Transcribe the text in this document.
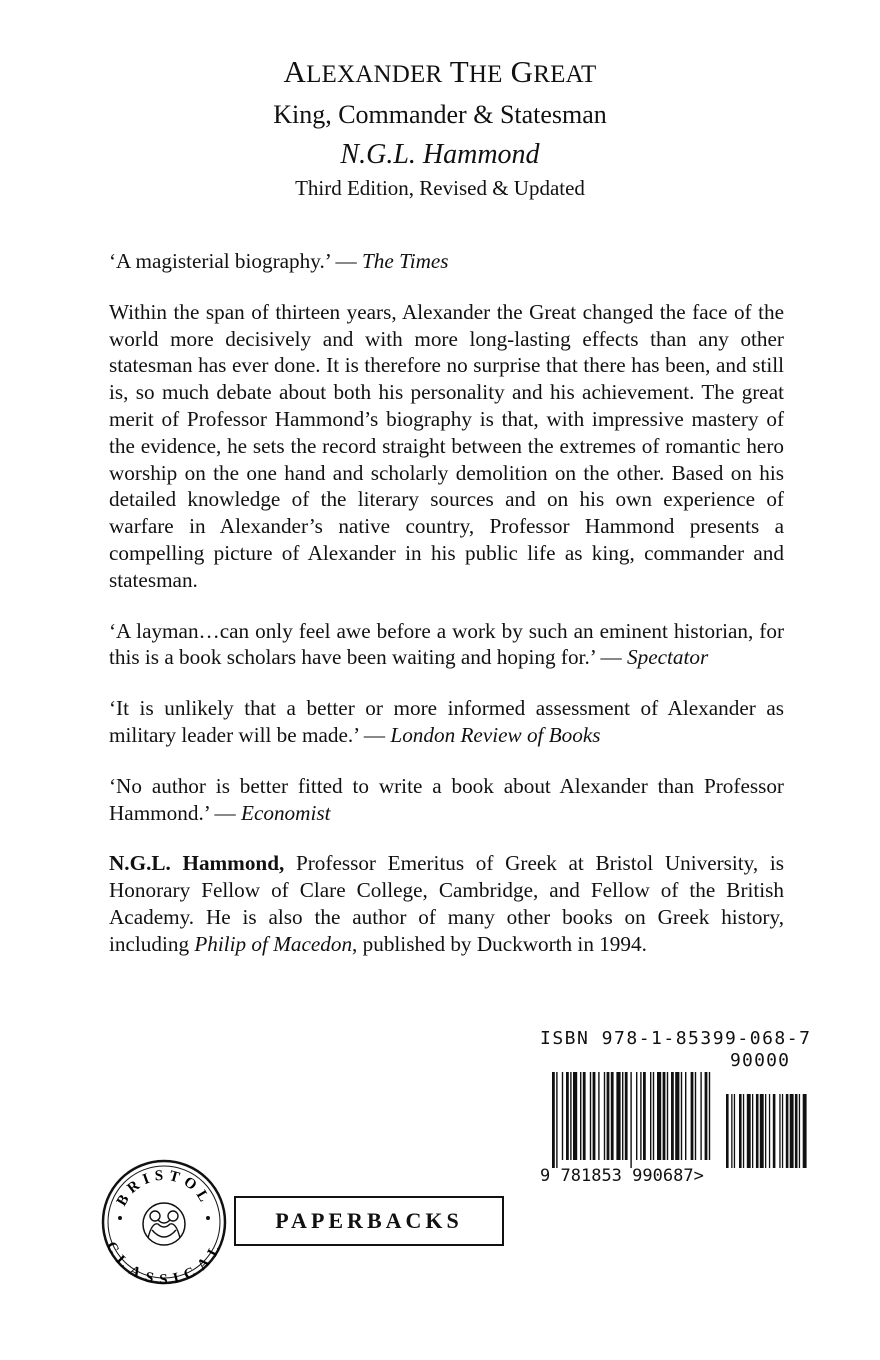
ALEXANDER THE GREAT
King, Commander & Statesman
N.G.L. Hammond
Third Edition, Revised & Updated

‘A magisterial biography.’ — The Times

Within the span of thirteen years, Alexander the Great changed the face of the world more decisively and with more long-lasting effects than any other statesman has ever done. It is therefore no surprise that there has been, and still is, so much debate about both his personality and his achievement. The great merit of Professor Hammond’s biography is that, with impressive mastery of the evidence, he sets the record straight between the extremes of romantic hero worship on the one hand and scholarly demolition on the other. Based on his detailed knowledge of the literary sources and on his own experience of warfare in Alexander’s native country, Professor Hammond presents a compelling picture of Alexander in his public life as king, commander and statesman.

‘A layman…can only feel awe before a work by such an eminent historian, for this is a book scholars have been waiting and hoping for.’ — Spectator

‘It is unlikely that a better or more informed assessment of Alexander as military leader will be made.’ — London Review of Books

‘No author is better fitted to write a book about Alexander than Professor Hammond.’ — Economist

N.G.L. Hammond, Professor Emeritus of Greek at Bristol University, is Honorary Fellow of Clare College, Cambridge, and Fellow of the British Academy. He is also the author of many other books on Greek history, including Philip of Macedon, published by Duckworth in 1994.

ISBN 978-1-85399-068-7
90000
9 781853 990687>
BRISTOL
CLASSICAL
PAPERBACKS
